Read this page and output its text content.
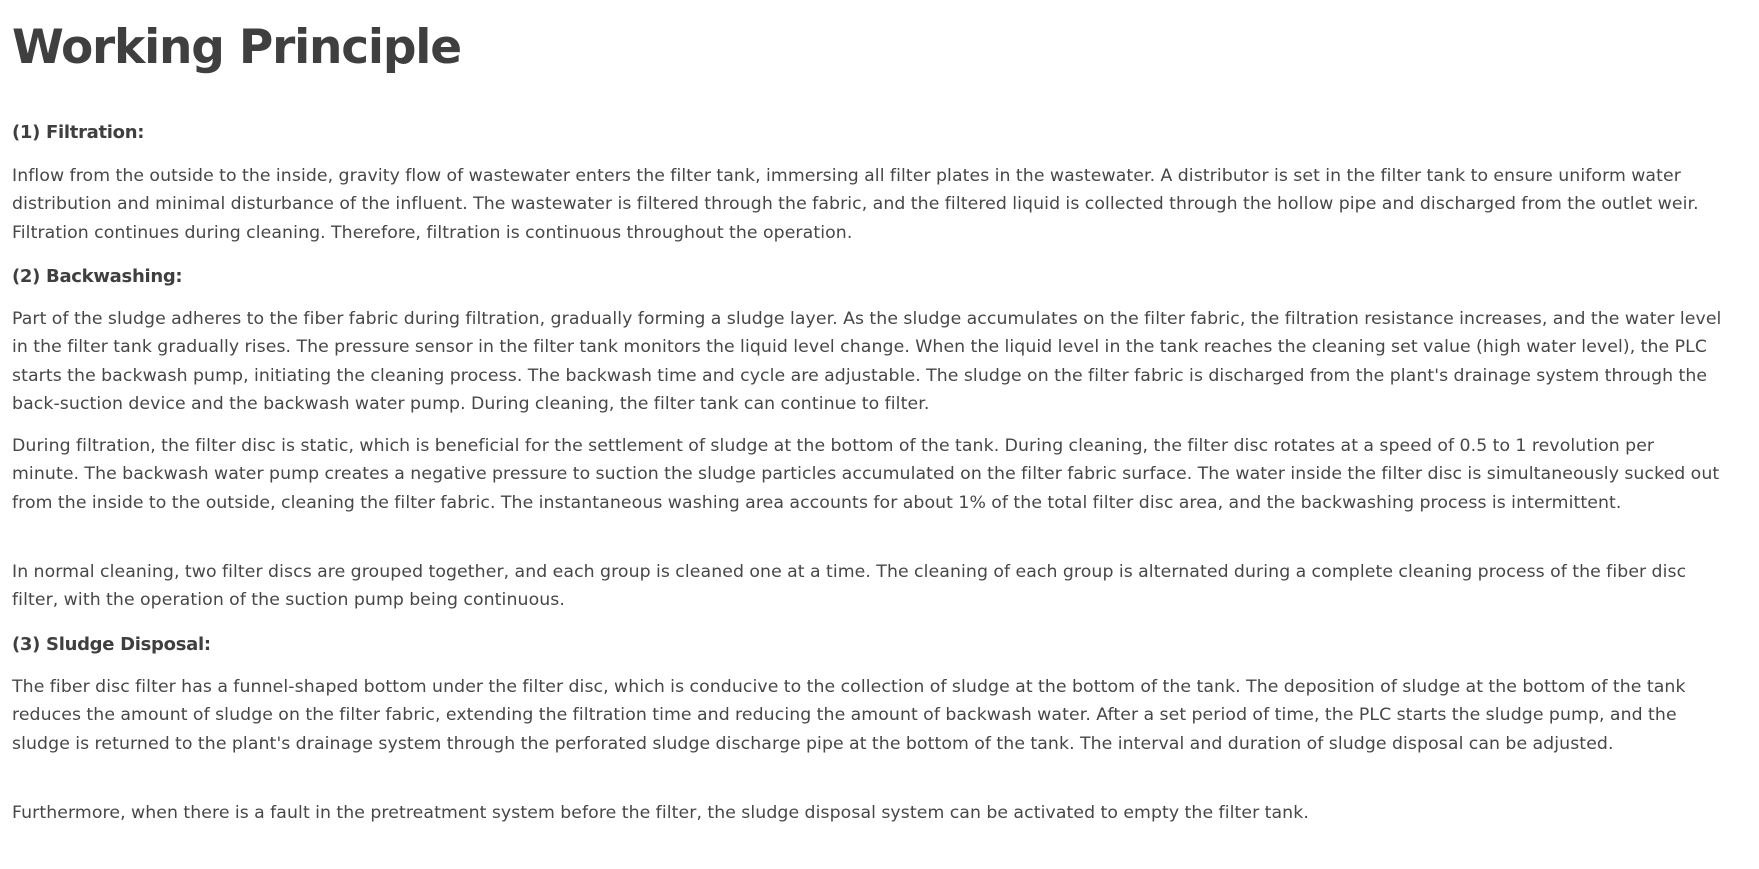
Working Principle
(1) Filtration:

Inflow from the outside to the inside, gravity flow of wastewater enters the filter tank, immersing all filter plates in the wastewater. A distributor is set in the filter tank to ensure uniform water distribution and minimal disturbance of the influent. The wastewater is filtered through the fabric, and the filtered liquid is collected through the hollow pipe and discharged from the outlet weir. Filtration continues during cleaning. Therefore, filtration is continuous throughout the operation.

(2) Backwashing:

Part of the sludge adheres to the fiber fabric during filtration, gradually forming a sludge layer. As the sludge accumulates on the filter fabric, the filtration resistance increases, and the water level in the filter tank gradually rises. The pressure sensor in the filter tank monitors the liquid level change. When the liquid level in the tank reaches the cleaning set value (high water level), the PLC starts the backwash pump, initiating the cleaning process. The backwash time and cycle are adjustable. The sludge on the filter fabric is discharged from the plant's drainage system through the back-suction device and the backwash water pump. During cleaning, the filter tank can continue to filter.

During filtration, the filter disc is static, which is beneficial for the settlement of sludge at the bottom of the tank. During cleaning, the filter disc rotates at a speed of 0.5 to 1 revolution per minute. The backwash water pump creates a negative pressure to suction the sludge particles accumulated on the filter fabric surface. The water inside the filter disc is simultaneously sucked out from the inside to the outside, cleaning the filter fabric. The instantaneous washing area accounts for about 1% of the total filter disc area, and the backwashing process is intermittent.

In normal cleaning, two filter discs are grouped together, and each group is cleaned one at a time. The cleaning of each group is alternated during a complete cleaning process of the fiber disc filter, with the operation of the suction pump being continuous.

(3) Sludge Disposal:

The fiber disc filter has a funnel-shaped bottom under the filter disc, which is conducive to the collection of sludge at the bottom of the tank. The deposition of sludge at the bottom of the tank reduces the amount of sludge on the filter fabric, extending the filtration time and reducing the amount of backwash water. After a set period of time, the PLC starts the sludge pump, and the sludge is returned to the plant's drainage system through the perforated sludge discharge pipe at the bottom of the tank. The interval and duration of sludge disposal can be adjusted.

Furthermore, when there is a fault in the pretreatment system before the filter, the sludge disposal system can be activated to empty the filter tank.
